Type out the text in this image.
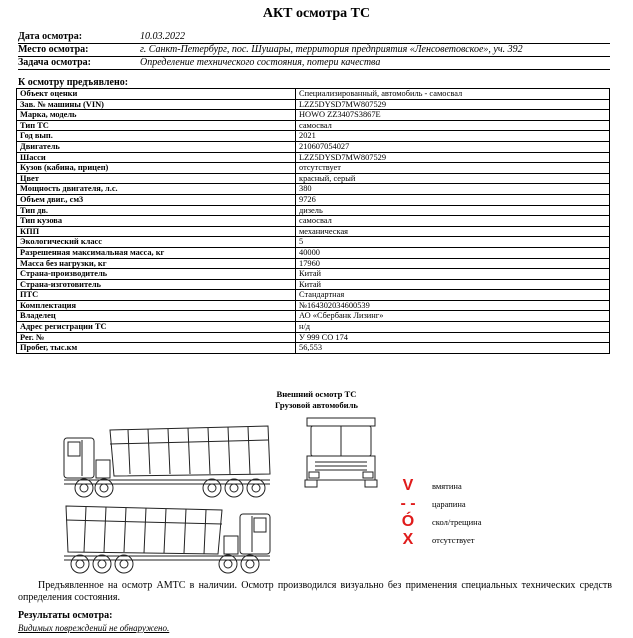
АКТ осмотра ТС
Дата осмотра:	10.03.2022
Место осмотра:	г. Санкт-Петербург, пос. Шушары, территория предприятия «Ленсоветовское», уч. 392
Задача осмотра:	Определение технического состояния, потери качества
К осмотру предъявлено:
Объект оценки	Специализированный, автомобиль - самосвал
Зав. № машины (VIN)	LZZ5DYSD7MW807529
Марка, модель	HOWO ZZ3407S3867E
Тип ТС	самосвал
Год вып.	2021
Двигатель	210607054027
Шасси	LZZ5DYSD7MW807529
Кузов (кабина, прицеп)	отсутствует
Цвет	красный, серый
Мощность двигателя, л.с.	380
Объем двиг., см3	9726
Тип дв.	дизель
Тип кузова	самосвал
КПП	механическая
Экологический класс	5
Разрешенная максимальная масса, кг	40000
Масса без нагрузки, кг	17960
Страна-производитель	Китай
Страна-изготовитель	Китай
ПТС	Стандартная
Комплектация	№164302034600539
Владелец	АО «Сбербанк Лизинг»
Адрес регистрации ТС	н/д
Рег. №	У 999 СО 174
Пробег, тыс.км	56,553
Внешний осмотр ТС
Грузовой автомобиль
V	вмятина
- - царапина
Ó	скол/трещина
X	отсутствует
Предъявленное на осмотр АМТС в наличии. Осмотр производился визуально без применения специальных технических средств определения состояния.
Результаты осмотра:
Видимых повреждений не обнаружено.
